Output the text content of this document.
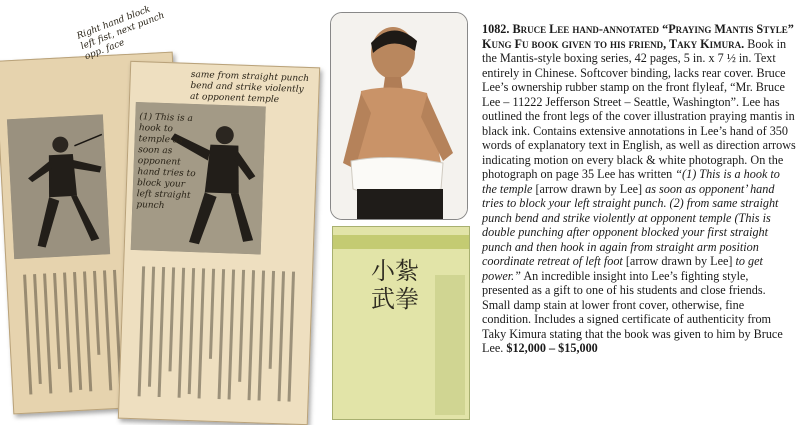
Right hand block left fist, next punch opp. face
same from straight punch bend and strike violently at opponent temple
(1) This is a hook to temple as soon as opponent hand tries to block your left straight punch
小紮武拳
1082. Bruce Lee hand-annotated “Praying Mantis Style” Kung Fu book given to his friend, Taky Kimura. Book in the Mantis-style boxing series, 42 pages, 5 in. x 7 ½ in. Text entirely in Chinese. Softcover binding, lacks rear cover. Bruce Lee’s ownership rubber stamp on the front flyleaf, “Mr. Bruce Lee – 11222 Jefferson Street – Seattle, Washington”. Lee has outlined the front legs of the cover illustration praying mantis in black ink. Contains extensive annotations in Lee’s hand of 350 words of explanatory text in English, as well as direction arrows indicating motion on every black & white photograph. On the photograph on page 35 Lee has written “(1) This is a hook to the temple [arrow drawn by Lee] as soon as opponent’ hand tries to block your left straight punch. (2) from same straight punch bend and strike violently at opponent temple (This is double punching after opponent blocked your first straight punch and then hook in again from straight arm position coordinate retreat of left foot [arrow drawn by Lee] to get power.” An incredible insight into Lee’s fighting style, presented as a gift to one of his students and close friends. Small damp stain at lower front cover, otherwise, fine condition. Includes a signed certificate of authenticity from Taky Kimura stating that the book was given to him by Bruce Lee. $12,000 – $15,000
